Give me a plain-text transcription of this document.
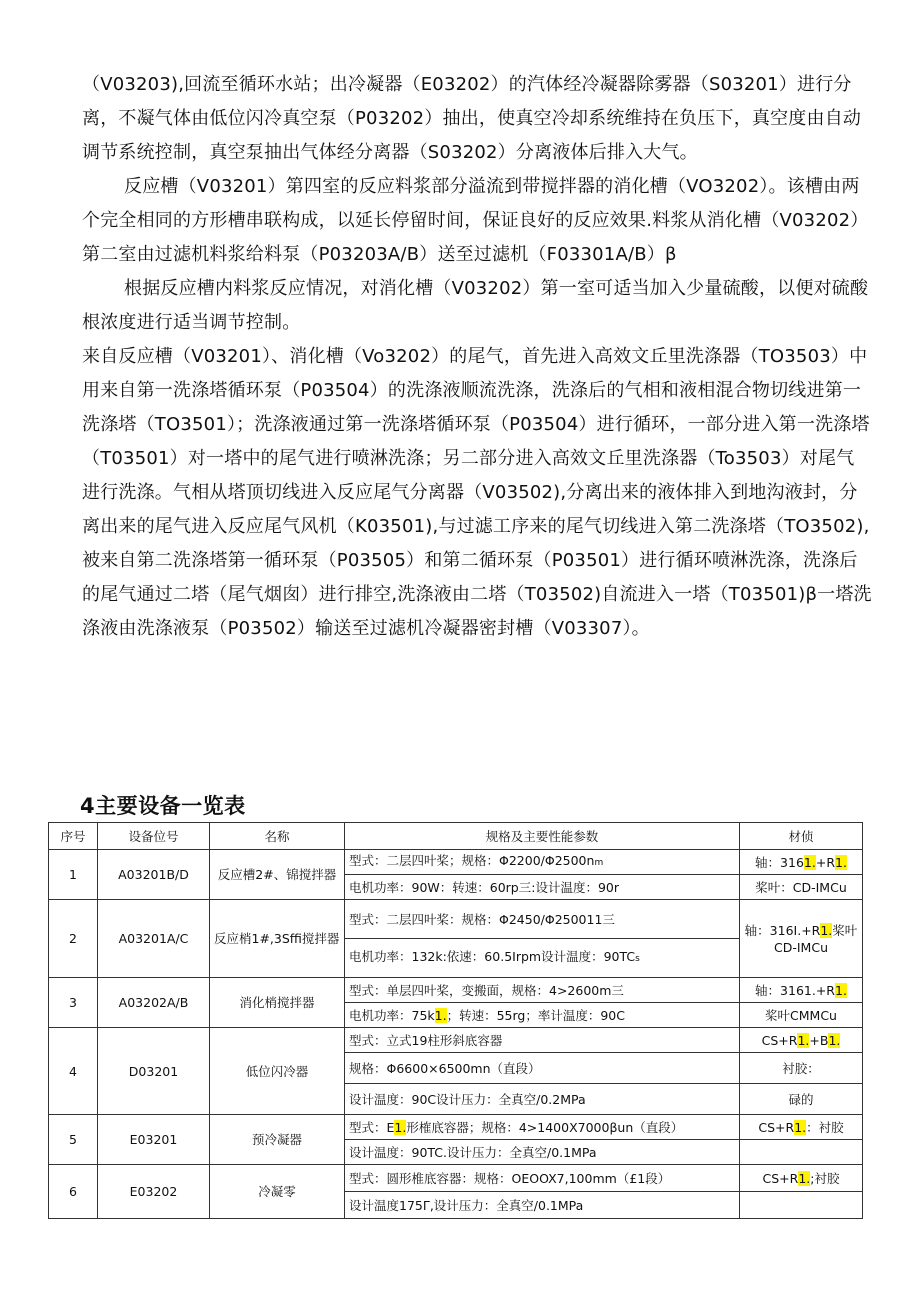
（V03203),回流至循环水站；出冷凝器（E03202）的汽体经冷凝器除雾器（S03201）进行分离，不凝气体由低位闪冷真空泵（P03202）抽出，使真空冷却系统维持在负压下，真空度由自动调节系统控制，真空泵抽出气体经分离器（S03202）分离液体后排入大气。

反应槽（V03201）第四室的反应料浆部分溢流到带搅拌器的消化槽（VO3202）。该槽由两个完全相同的方形槽串联构成，以延长停留时间，保证良好的反应效果.料浆从消化槽（V03202）第二室由过滤机料浆给料泵（P03203A/B）送至过滤机（F03301A/B）β

根据反应槽内料浆反应情况，对消化槽（V03202）第一室可适当加入少量硫酸，以便对硫酸根浓度进行适当调节控制。

来自反应槽（V03201）、消化槽（Vo3202）的尾气，首先进入高效文丘里洗涤器（TO3503）中用来自第一洗涤塔循环泵（P03504）的洗涤液顺流洗涤，洗涤后的气相和液相混合物切线进第一洗涤塔（TO3501）；洗涤液通过第一洗涤塔循环泵（P03504）进行循环，一部分进入第一洗涤塔（T03501）对一塔中的尾气进行喷淋洗涤；另二部分进入高效文丘里洗涤器（To3503）对尾气进行洗涤。气相从塔顶切线进入反应尾气分离器（V03502),分离出来的液体排入到地沟液封，分离出来的尾气进入反应尾气风机（K03501),与过滤工序来的尾气切线进入第二洗涤塔（TO3502),被来自第二洗涤塔第一循环泵（P03505）和第二循环泵（P03501）进行循环喷淋洗涤，洗涤后的尾气通过二塔（尾气烟囱）进行排空,洗涤液由二塔（T03502)自流进入一塔（T03501)β一塔洗涤液由洗涤液泵（P03502）输送至过滤机冷凝器密封槽（V03307）。

4主要设备一览表
序号	设备位号	名称	规格及主要性能参数	材侦
1	A03201B/D	反应槽2#、锦搅拌器	型式：二层四叶桨；规格：Φ2200/Φ2500nm	轴：3161.+R1.
			电机功率：90W：转速：60rp三:设计温度：90r	桨叶：CD-IMCu
2	A03201A/C	反应梢1#,3Sffi搅拌器	型式：二层四叶桨：规格：Φ2450/Φ250011三	轴：316I.+R1.桨叶
CD-IMCu

			电机功率：132k:依速：60.5Irpm设计温度：90TCs	
3	A03202A/B	消化梢搅拌器	型式：单层四叶桨，变搬面，规格：4>2600m三	轴：3161.+R1.
			电机功率：75k1.；转速：55rg；率计温度：90C	桨叶CMMCu
4	D03201	低位闪冷器	型式：立式19柱形斜底容器	CS+R1.+B1.
			规格：Φ6600×6500mn（直段）	衬胶：
			设计温度：90C设计压力：全真空/0.2MPa	碌的
5	E03201	预冷凝器	型式：E1.形榷底容器；规格：4>1400X7000βun（直段）	CS+R1.：衬胶
			设计温度：90TC.设计压力：全真空/0.1MPa	
6	E03202	冷凝零	型式：圆形椎底容器：规格：OEOOX7,100mm（£1段）	CS+R1.;衬胶
			设计温度175Γ,设计压力：全真空/0.1MPa	
